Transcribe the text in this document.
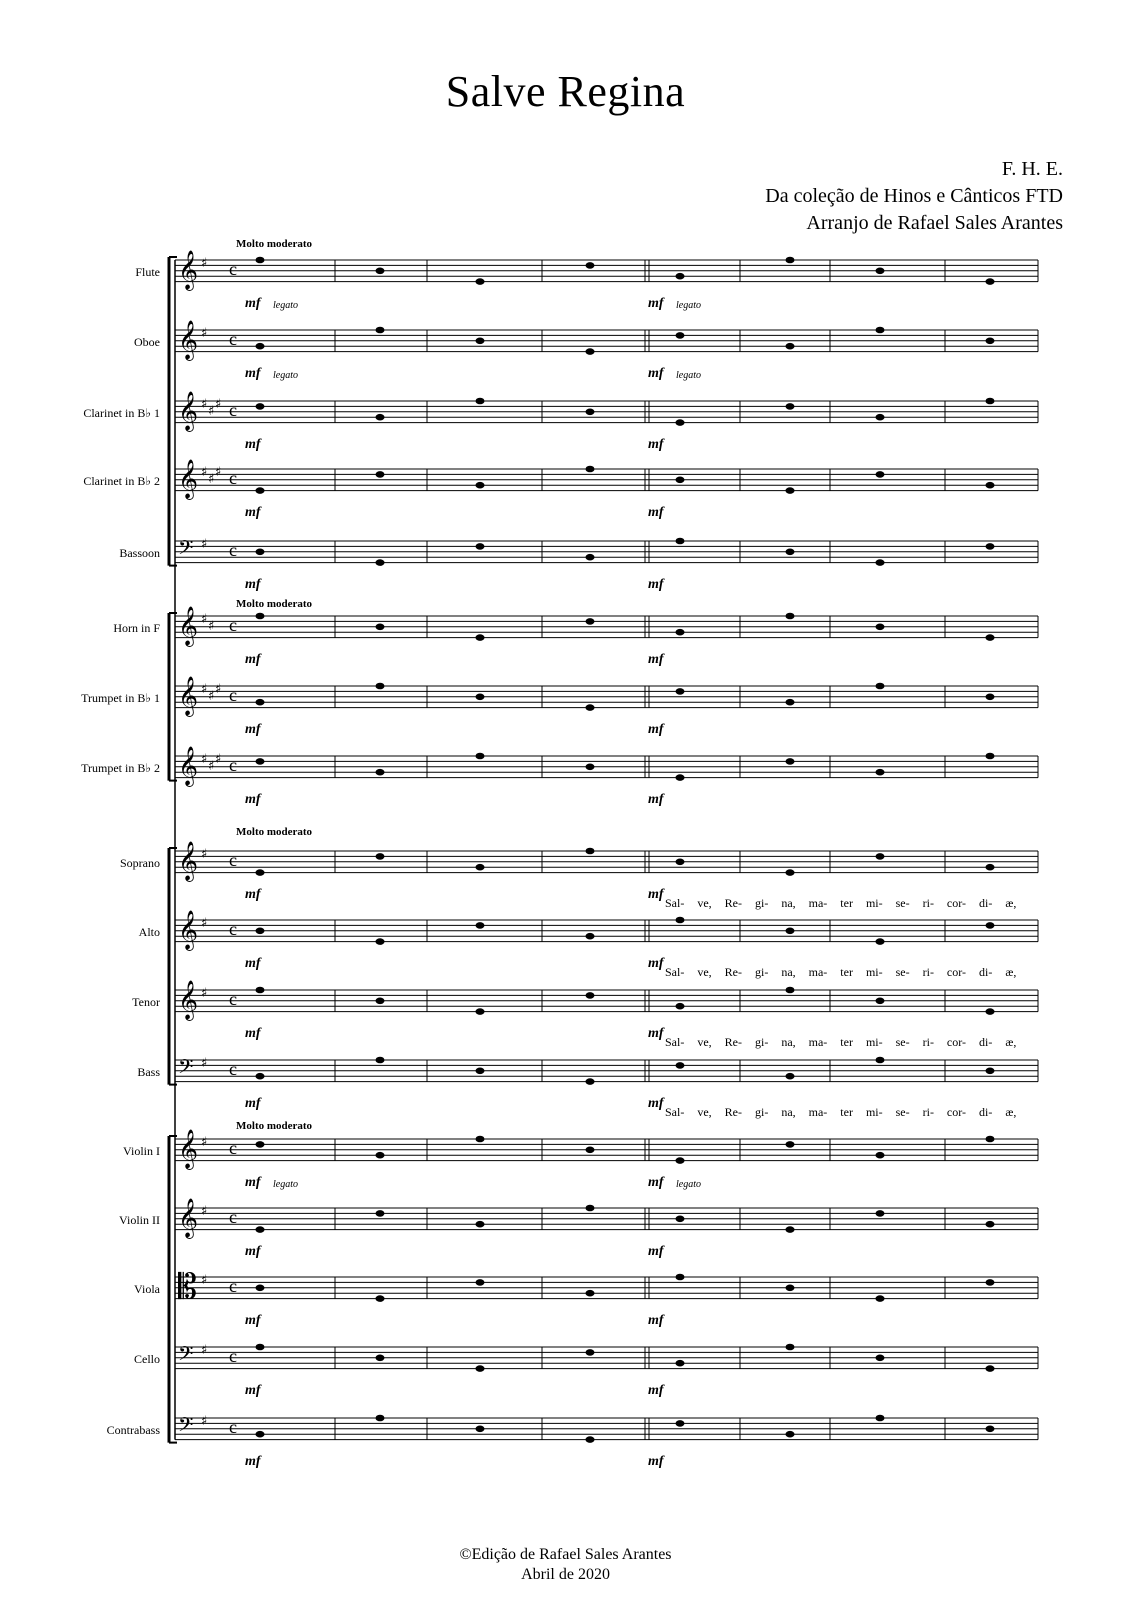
Salve Regina
F. H. E.
Da coleção de Hinos e Cânticos FTD
Arranjo de Rafael Sales Arantes
𝄞 ♯ c
𝄞 ♯ c
𝄞 ♯ ♯ ♯ c
𝄞 ♯ ♯ ♯ c
𝄢 ♯ c
𝄞 ♯ ♯ c
𝄞 ♯ ♯ ♯ c
𝄞 ♯ ♯ ♯ c
𝄞 ♯ c
𝄞 ♯ c
𝄞 ♯ c
𝄢 ♯ c
𝄞 ♯ c
𝄞 ♯ c
𝄡 ♯ c
𝄢 ♯ c
𝄢 ♯ c
Flute
mf	mf
legato	legato
Oboe
mf	mf
legato	legato
Clarinet in B♭ 1
mf	mf
Clarinet in B♭ 2
mf	mf
Bassoon
mf	mf
Horn in F
mf	mf
Trumpet in B♭ 1
mf	mf
Trumpet in B♭ 2
mf	mf
Soprano
mf	mf
Alto
mf	mf
Tenor
mf	mf
Bass
mf	mf
Violin I
mf	mf
legato	legato
Violin II
mf	mf
Viola
mf	mf
Cello
mf	mf
Contrabass
mf	mf
Molto moderato
Molto moderato
Molto moderato
Molto moderato
Sal- ve, Re- gi- na, ma- ter mi- se- ri- cor- di- æ,
Sal- ve, Re- gi- na, ma- ter mi- se- ri- cor- di- æ,
Sal- ve, Re- gi- na, ma- ter mi- se- ri- cor- di- æ,
Sal- ve, Re- gi- na, ma- ter mi- se- ri- cor- di- æ,
©Edição de Rafael Sales Arantes
Abril de 2020
